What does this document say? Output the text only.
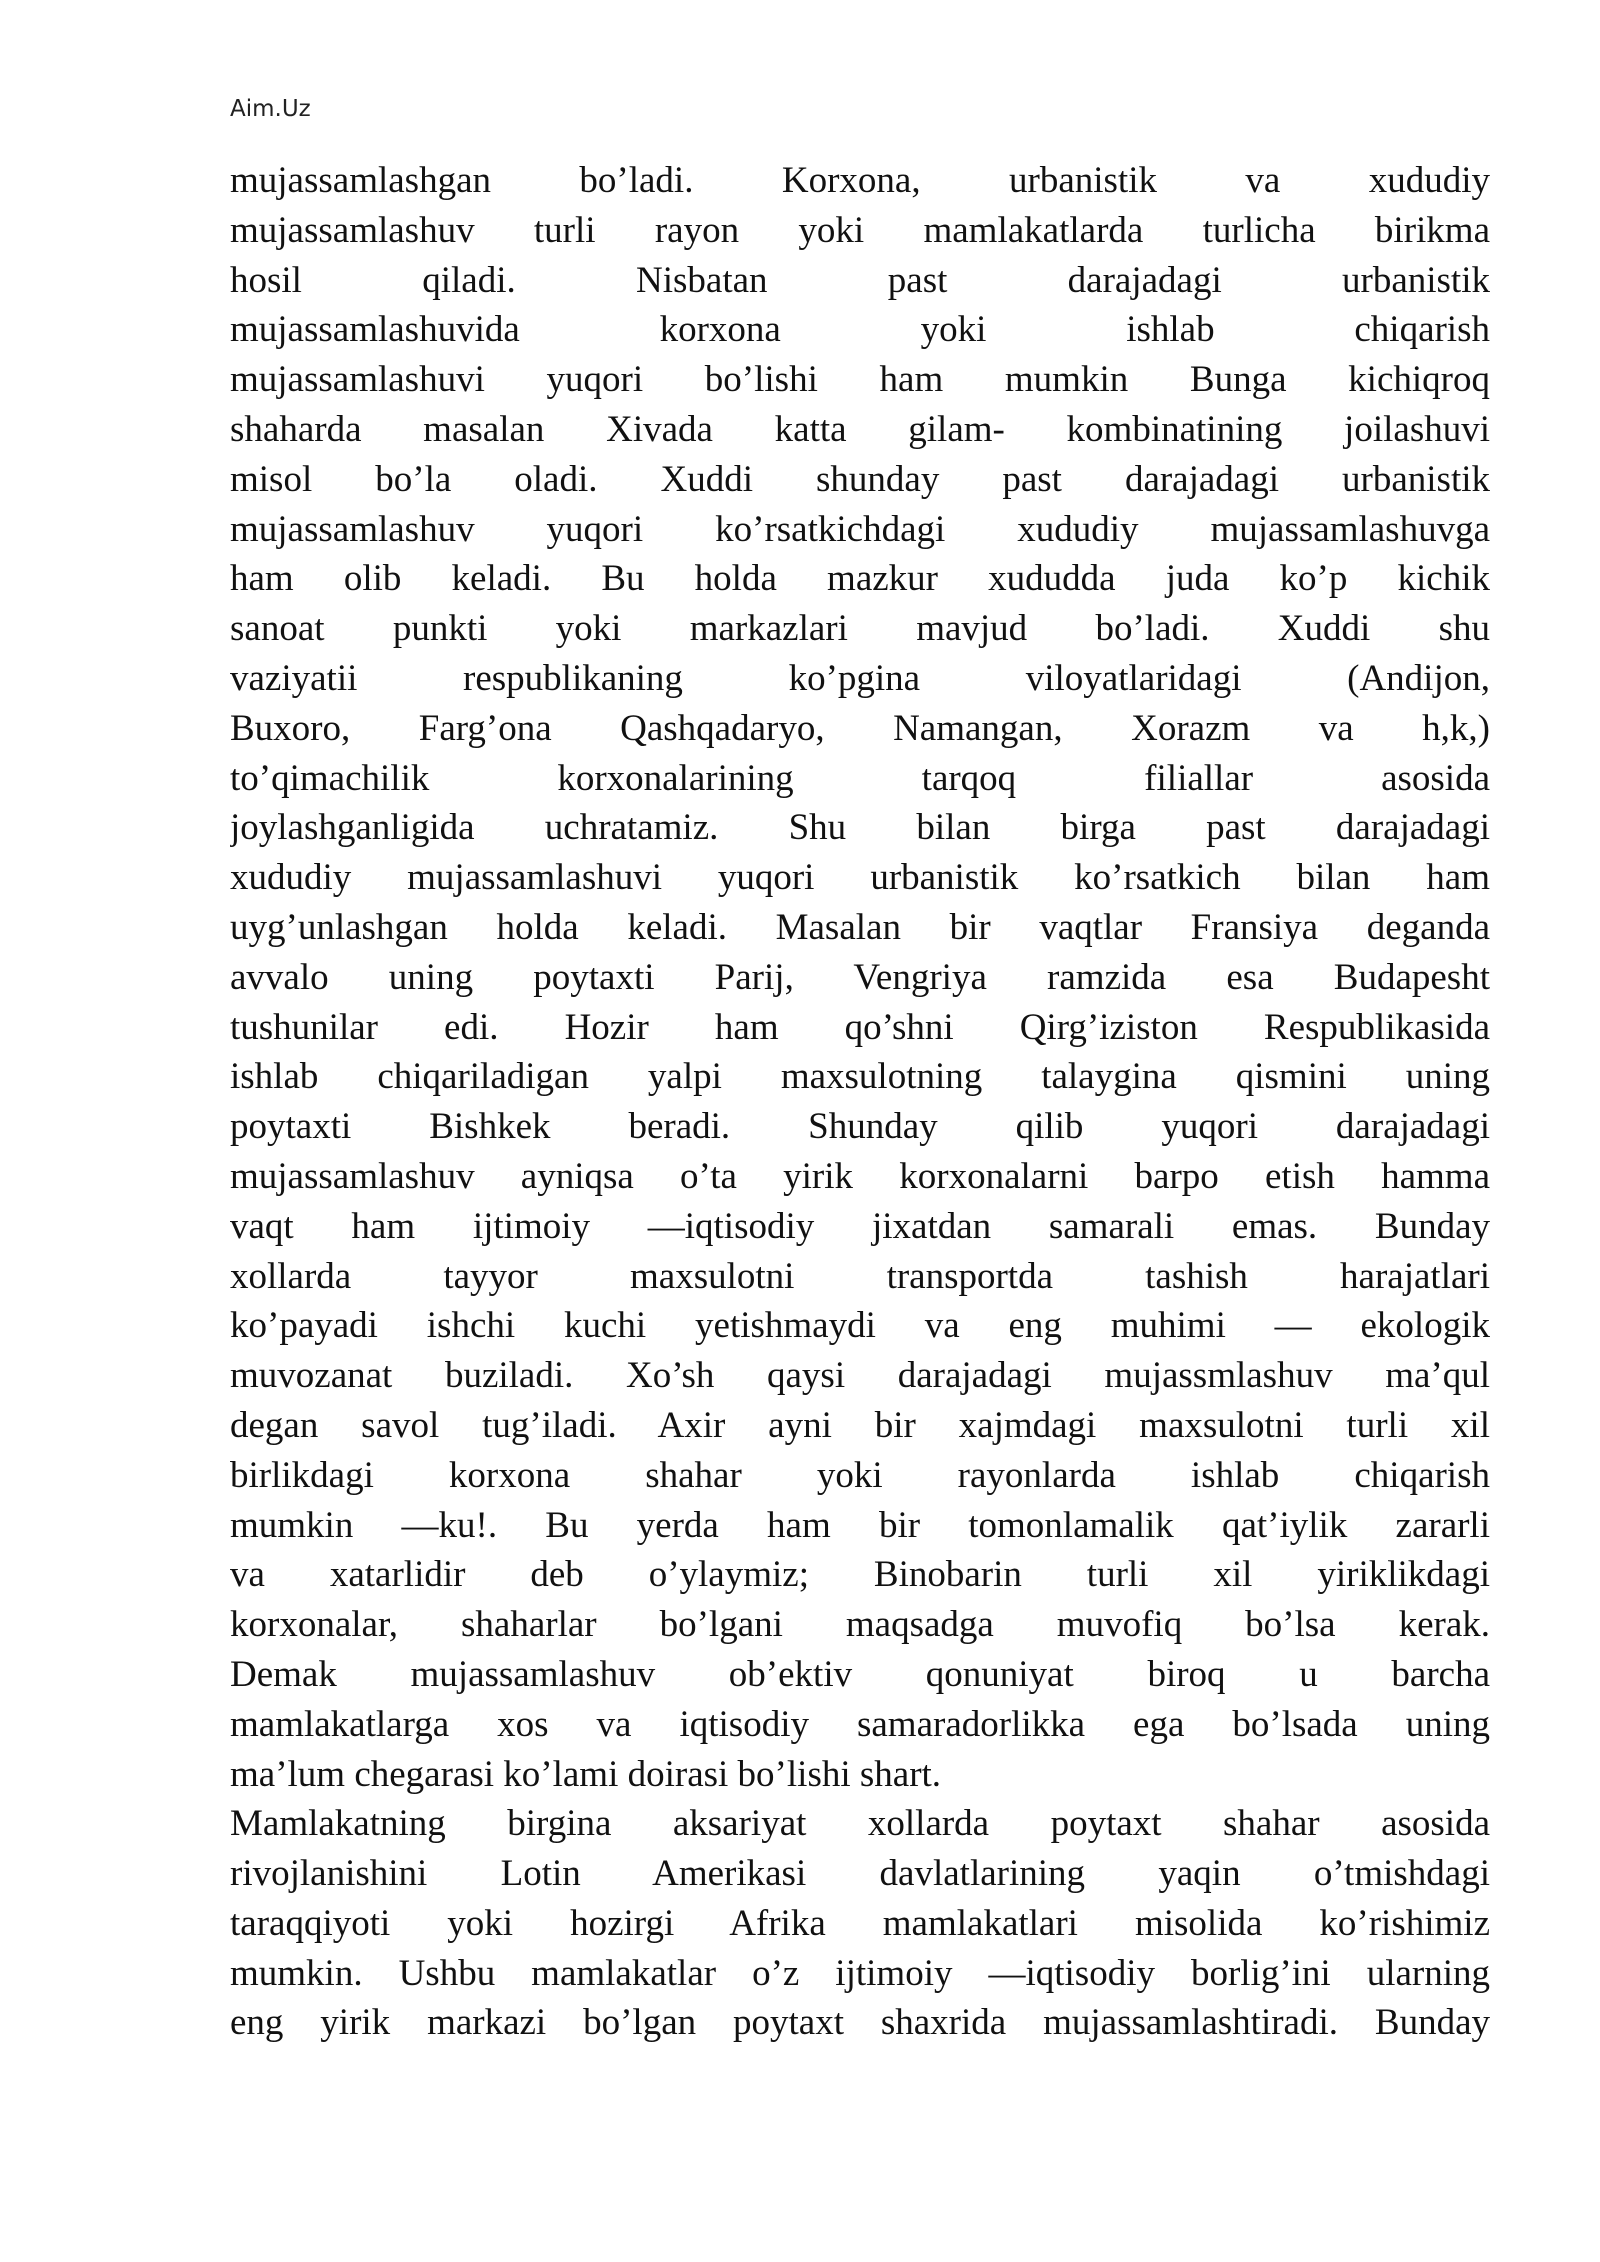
Aim.Uz
mujassamlashgan bo’ladi. Korxona, urbanistik va xududiy
mujassamlashuv turli rayon yoki mamlakatlarda turlicha birikma
hosil qiladi. Nisbatan past darajadagi urbanistik
mujassamlashuvida korxona yoki ishlab chiqarish
mujassamlashuvi yuqori bo’lishi ham mumkin Bunga kichiqroq
shaharda masalan Xivada katta gilam- kombinatining joilashuvi
misol bo’la oladi. Xuddi shunday past darajadagi urbanistik
mujassamlashuv yuqori ko’rsatkichdagi xududiy mujassamlashuvga
ham olib keladi. Bu holda mazkur xududda juda ko’p kichik
sanoat punkti yoki markazlari mavjud bo’ladi. Xuddi shu
vaziyatii respublikaning ko’pgina viloyatlaridagi (Andijon,
Buxoro, Farg’ona Qashqadaryo, Namangan, Xorazm va h,k,)
to’qimachilik korxonalarining tarqoq filiallar asosida
joylashganligida uchratamiz. Shu bilan birga past darajadagi
xududiy mujassamlashuvi yuqori urbanistik ko’rsatkich bilan ham
uyg’unlashgan holda keladi. Masalan bir vaqtlar Fransiya deganda
avvalo uning poytaxti Parij, Vengriya ramzida esa Budapesht
tushunilar edi. Hozir ham qo’shni Qirg’iziston Respublikasida
ishlab chiqariladigan yalpi maxsulotning talaygina qismini uning
poytaxti Bishkek beradi. Shunday qilib yuqori darajadagi
mujassamlashuv ayniqsa o’ta yirik korxonalarni barpo etish hamma
vaqt ham ijtimoiy —iqtisodiy jixatdan samarali emas. Bunday
xollarda tayyor maxsulotni transportda tashish harajatlari
ko’payadi ishchi kuchi yetishmaydi va eng muhimi — ekologik
muvozanat buziladi. Xo’sh qaysi darajadagi mujassmlashuv ma’qul
degan savol tug’iladi. Axir ayni bir xajmdagi maxsulotni turli xil
birlikdagi korxona shahar yoki rayonlarda ishlab chiqarish
mumkin —ku!. Bu yerda ham bir tomonlamalik qat’iylik zararli
va xatarlidir deb o’ylaymiz; Binobarin turli xil yiriklikdagi
korxonalar, shaharlar bo’lgani maqsadga muvofiq bo’lsa kerak.
Demak mujassamlashuv ob’ektiv qonuniyat biroq u barcha
mamlakatlarga xos va iqtisodiy samaradorlikka ega bo’lsada uning
ma’lum chegarasi ko’lami doirasi bo’lishi shart.
Mamlakatning birgina aksariyat xollarda poytaxt shahar asosida
rivojlanishini Lotin Amerikasi davlatlarining yaqin o’tmishdagi
taraqqiyoti yoki hozirgi Afrika mamlakatlari misolida ko’rishimiz
mumkin. Ushbu mamlakatlar o’z ijtimoiy —iqtisodiy borlig’ini ularning
eng yirik markazi bo’lgan poytaxt shaxrida mujassamlashtiradi. Bunday
